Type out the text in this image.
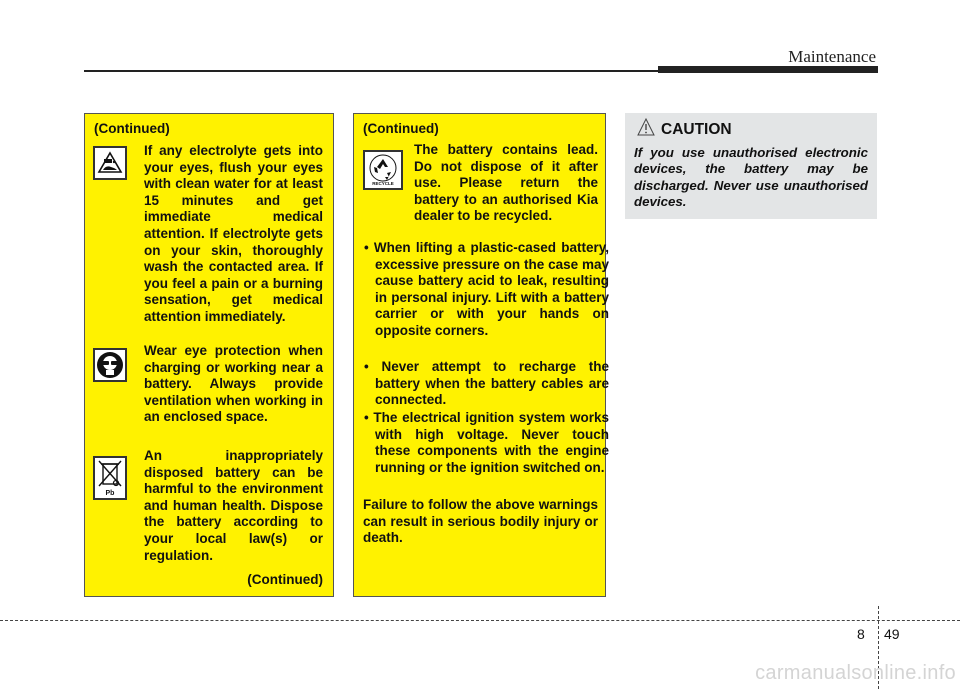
Maintenance
(Continued)
If any electrolyte gets into your eyes, flush your eyes with clean water for at least 15 minutes and get immediate medical attention. If electrolyte gets on your skin, thoroughly wash the contacted area. If you feel a pain or a burning sensation, get medical attention immediately.
Wear eye protection when charging or working near a battery. Always provide ventilation when working in an enclosed space.
Pb
An inappropriately disposed battery can be harmful to the environment and human health. Dispose the battery according to your local law(s) or regulation.
(Continued)
(Continued)
RECYCLE
The battery contains lead. Do not dispose of it after use. Please return the battery to an authorised Kia dealer to be recycled.
• When lifting a plastic-cased battery, excessive pressure on the case may cause battery acid to leak, resulting in personal injury. Lift with a battery carrier or with your hands on opposite corners.
• Never attempt to recharge the battery when the battery cables are connected.
• The electrical ignition system works with high voltage. Never touch these components with the engine running or the ignition switched on.
Failure to follow the above warnings can result in serious bodily injury or death.
CAUTION
If you use unauthorised electronic devices, the battery may be discharged. Never use unauthorised devices.
8 49
carmanualsonline.info
